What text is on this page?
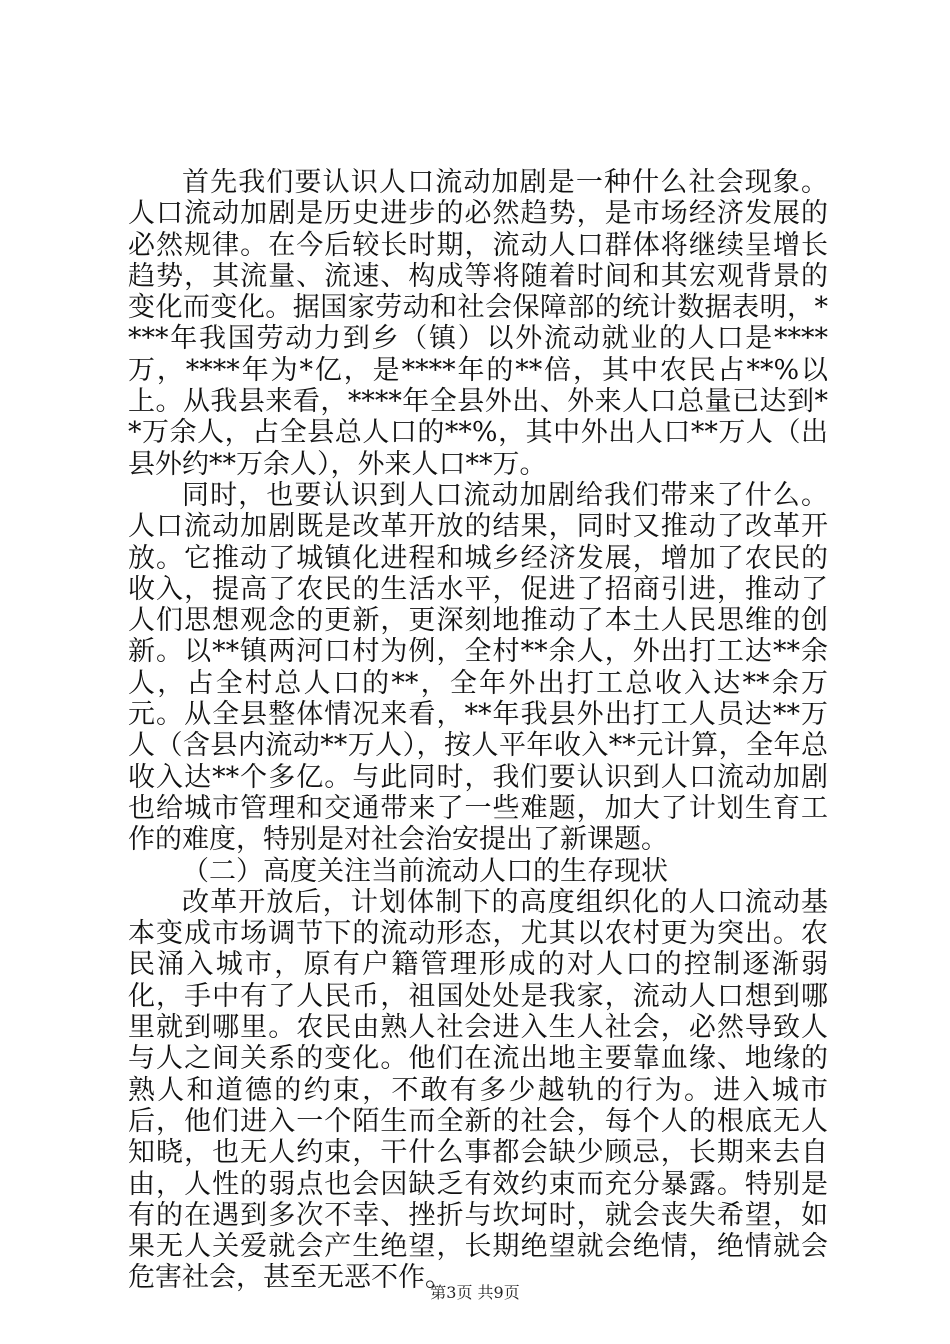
首先我们要认识人口流动加剧是一种什么社会现象。人口流动加剧是历史进步的必然趋势，是市场经济发展的必然规律。在今后较长时期，流动人口群体将继续呈增长趋势，其流量、流速、构成等将随着时间和其宏观背景的变化而变化。据国家劳动和社会保障部的统计数据表明，****年我国劳动力到乡（镇）以外流动就业的人口是****万，****年为*亿，是****年的**倍，其中农民占**%以上。从我县来看，****年全县外出、外来人口总量已达到**万余人，占全县总人口的**%，其中外出人口**万人（出县外约**万余人），外来人口**万。

同时，也要认识到人口流动加剧给我们带来了什么。人口流动加剧既是改革开放的结果，同时又推动了改革开放。它推动了城镇化进程和城乡经济发展，增加了农民的收入，提高了农民的生活水平，促进了招商引进，推动了人们思想观念的更新，更深刻地推动了本土人民思维的创新。以**镇两河口村为例，全村**余人，外出打工达**余人，占全村总人口的**，全年外出打工总收入达**余万元。从全县整体情况来看，**年我县外出打工人员达**万人（含县内流动**万人），按人平年收入**元计算，全年总收入达**个多亿。与此同时，我们要认识到人口流动加剧也给城市管理和交通带来了一些难题，加大了计划生育工作的难度，特别是对社会治安提出了新课题。

（二）高度关注当前流动人口的生存现状

改革开放后，计划体制下的高度组织化的人口流动基本变成市场调节下的流动形态，尤其以农村更为突出。农民涌入城市，原有户籍管理形成的对人口的控制逐渐弱化，手中有了人民币，祖国处处是我家，流动人口想到哪里就到哪里。农民由熟人社会进入生人社会，必然导致人与人之间关系的变化。他们在流出地主要靠血缘、地缘的熟人和道德的约束，不敢有多少越轨的行为。进入城市后，他们进入一个陌生而全新的社会，每个人的根底无人知晓，也无人约束，干什么事都会缺少顾忌，长期来去自由，人性的弱点也会因缺乏有效约束而充分暴露。特别是有的在遇到多次不幸、挫折与坎坷时，就会丧失希望，如果无人关爱就会产生绝望，长期绝望就会绝情，绝情就会危害社会，甚至无恶不作。

第3页 共9页
